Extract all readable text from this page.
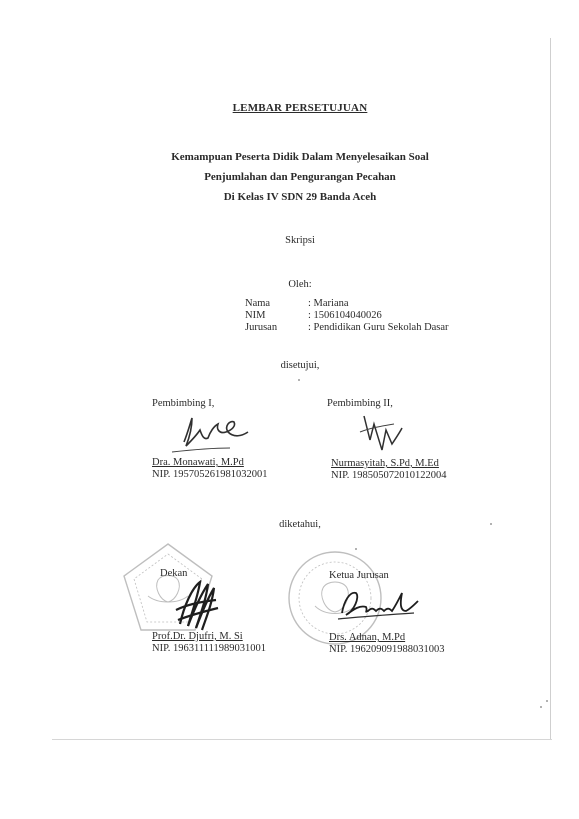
LEMBAR PERSETUJUAN
Kemampuan Peserta Didik Dalam Menyelesaikan Soal
Penjumlahan dan Pengurangan Pecahan
Di Kelas IV SDN 29 Banda Aceh
Skripsi
Oleh:
Nama	: Mariana
NIM	: 1506104040026
Jurusan	: Pendidikan Guru Sekolah Dasar
disetujui,
Pembimbing I,	Pembimbing II,
Dra. Monawati, M.Pd
NIP. 195705261981032001
Nurmasyitah, S.Pd, M.Ed
NIP. 198505072010122004
diketahui,
Dekan	Ketua Jurusan
Prof.Dr. Djufri, M. Si
NIP. 196311111989031001
Drs. Adnan, M.Pd
NIP. 196209091988031003
